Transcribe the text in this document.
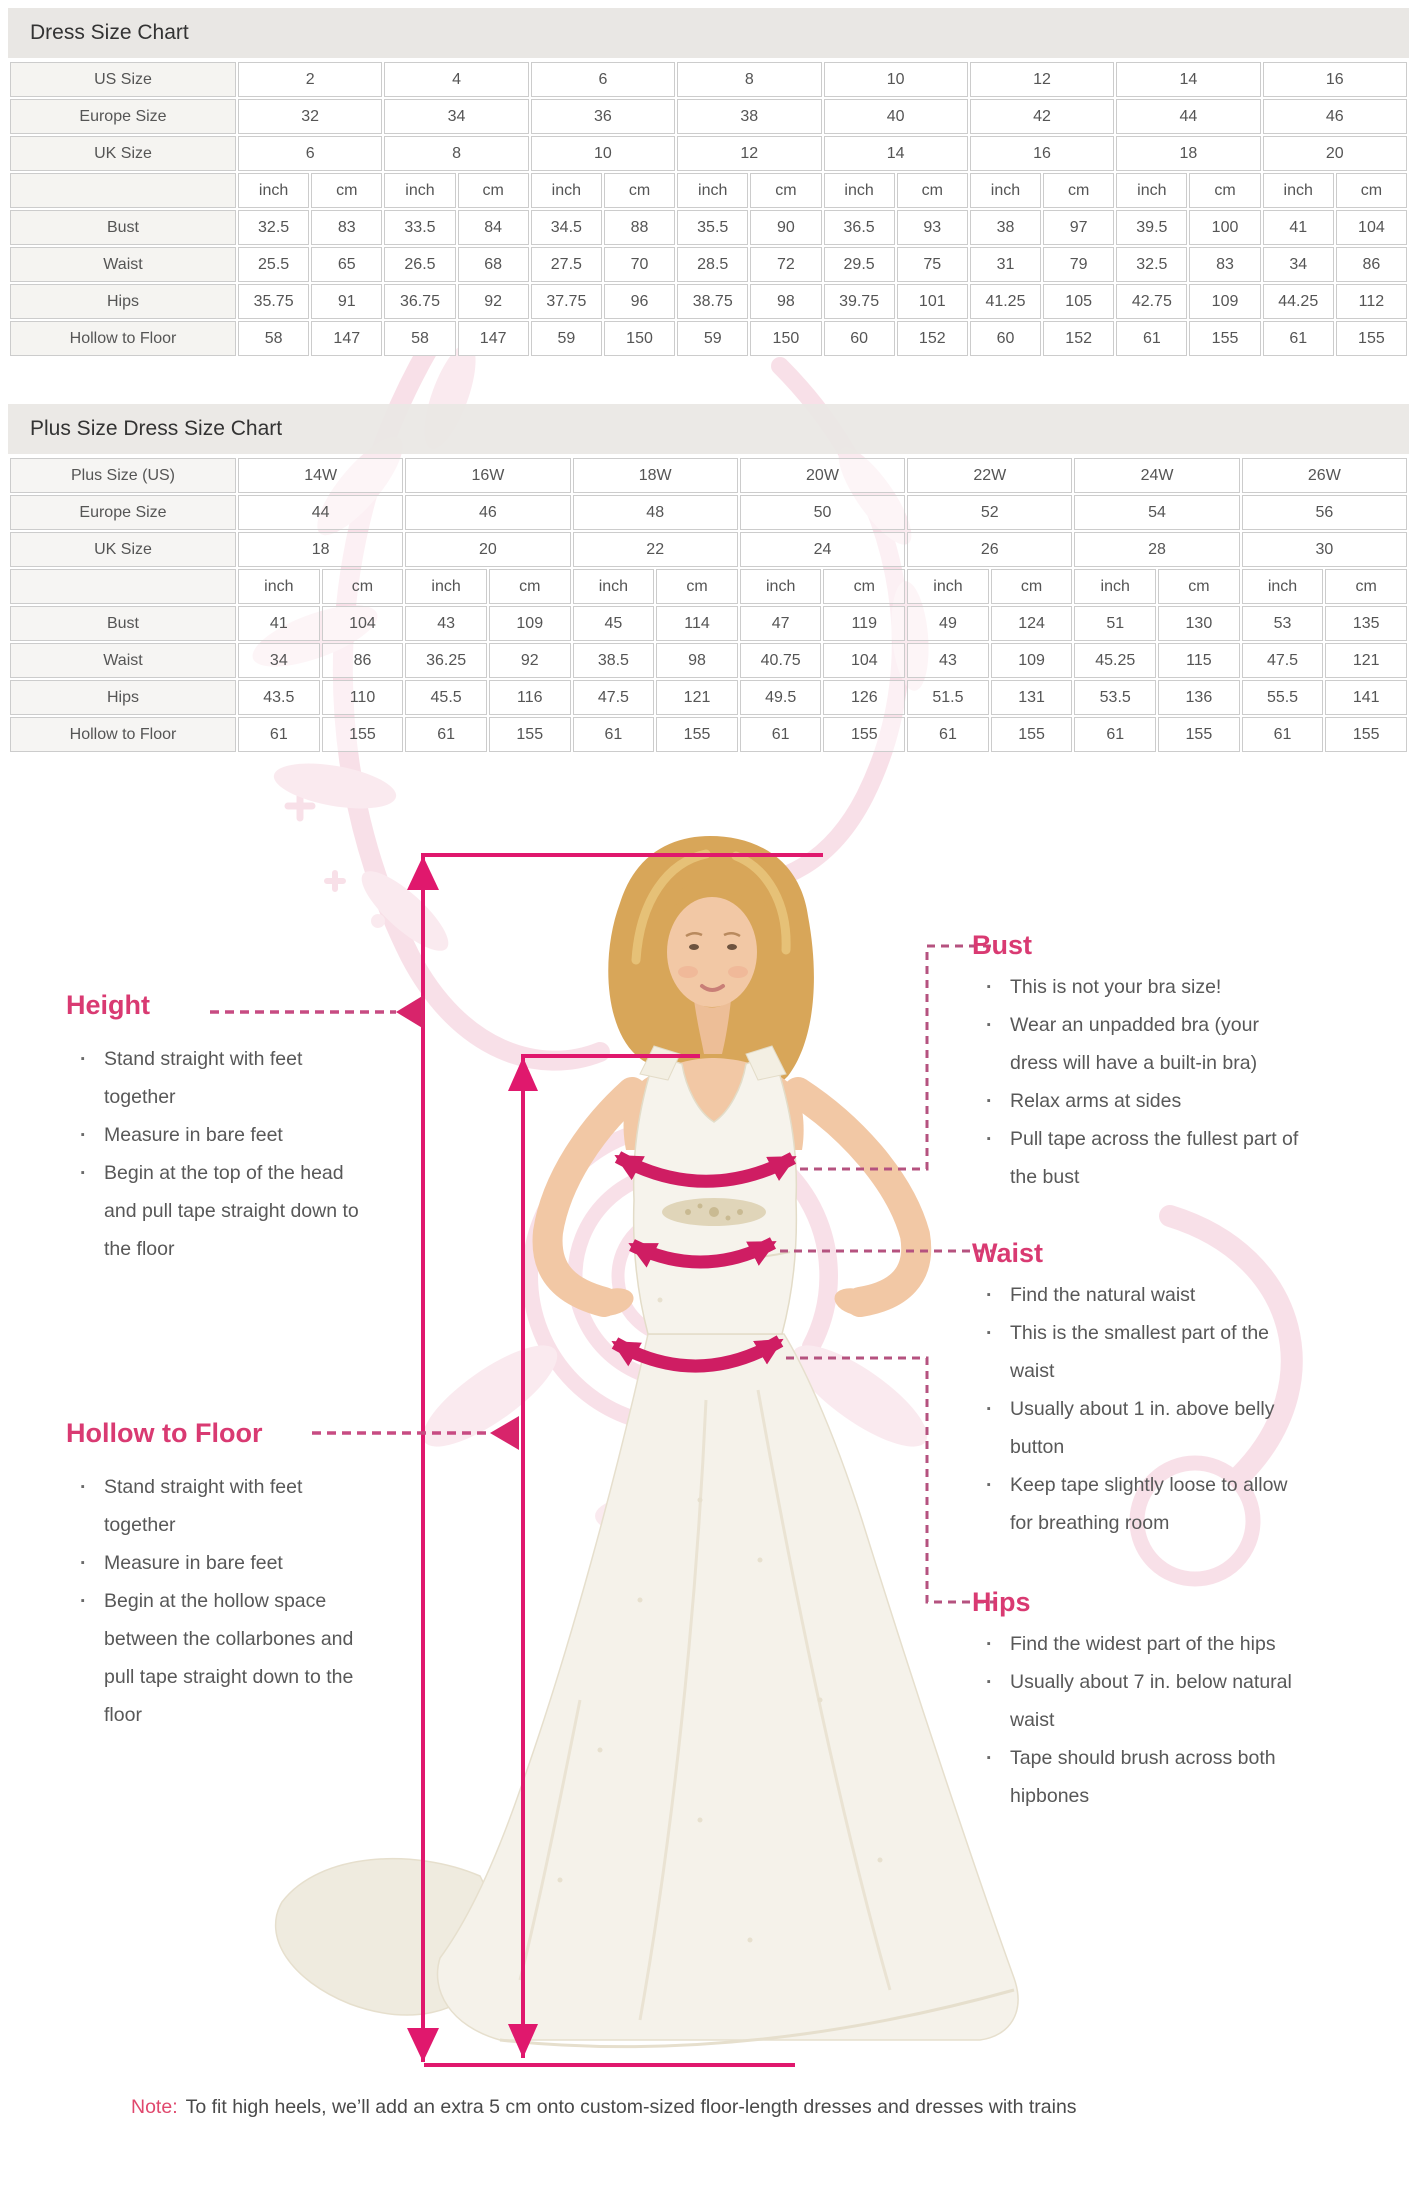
Dress Size Chart
US Size	2		4		6		8		10		12		14		16	
Europe Size	32		34		36		38		40		42		44		46	
UK Size	6		8		10		12		14		16		18		20	
	inch	cm	inch	cm	inch	cm	inch	cm	inch	cm	inch	cm	inch	cm	inch	cm
Bust	32.5	83	33.5	84	34.5	88	35.5	90	36.5	93	38	97	39.5	100	41	104
Waist	25.5	65	26.5	68	27.5	70	28.5	72	29.5	75	31	79	32.5	83	34	86
Hips	35.75	91	36.75	92	37.75	96	38.75	98	39.75	101	41.25	105	42.75	109	44.25	112
Hollow to Floor	58	147	58	147	59	150	59	150	60	152	60	152	61	155	61	155
Plus Size Dress Size Chart
Plus Size (US)	14W		16W		18W		20W		22W		24W		26W	
Europe Size	44		46		48		50		52		54		56	
UK Size	18		20		22		24		26		28		30	
	inch	cm	inch	cm	inch	cm	inch	cm	inch	cm	inch	cm	inch	cm
Bust	41	104	43	109	45	114	47	119	49	124	51	130	53	135
Waist	34	86	36.25	92	38.5	98	40.75	104	43	109	45.25	115	47.5	121
Hips	43.5	110	45.5	116	47.5	121	49.5	126	51.5	131	53.5	136	55.5	141
Hollow to Floor	61	155	61	155	61	155	61	155	61	155	61	155	61	155
Height
· Stand straight with feet together
· Measure in bare feet
· Begin at the top of the head and pull tape straight down to the floor
Hollow to Floor
· Stand straight with feet together
· Measure in bare feet
· Begin at the hollow space between the collarbones and pull tape straight down to the floor
Bust
· This is not your bra size!
· Wear an unpadded bra (your dress will have a built-in bra)
· Relax arms at sides
· Pull tape across the fullest part of the bust
Waist
· Find the natural waist
· This is the smallest part of the waist
· Usually about 1 in. above belly button
· Keep tape slightly loose to allow for breathing room
Hips
· Find the widest part of the hips
· Usually about 7 in. below natural waist
· Tape should brush across both hipbones
Note: To fit high heels, we’ll add an extra 5 cm onto custom-sized floor-length dresses and dresses with trains
